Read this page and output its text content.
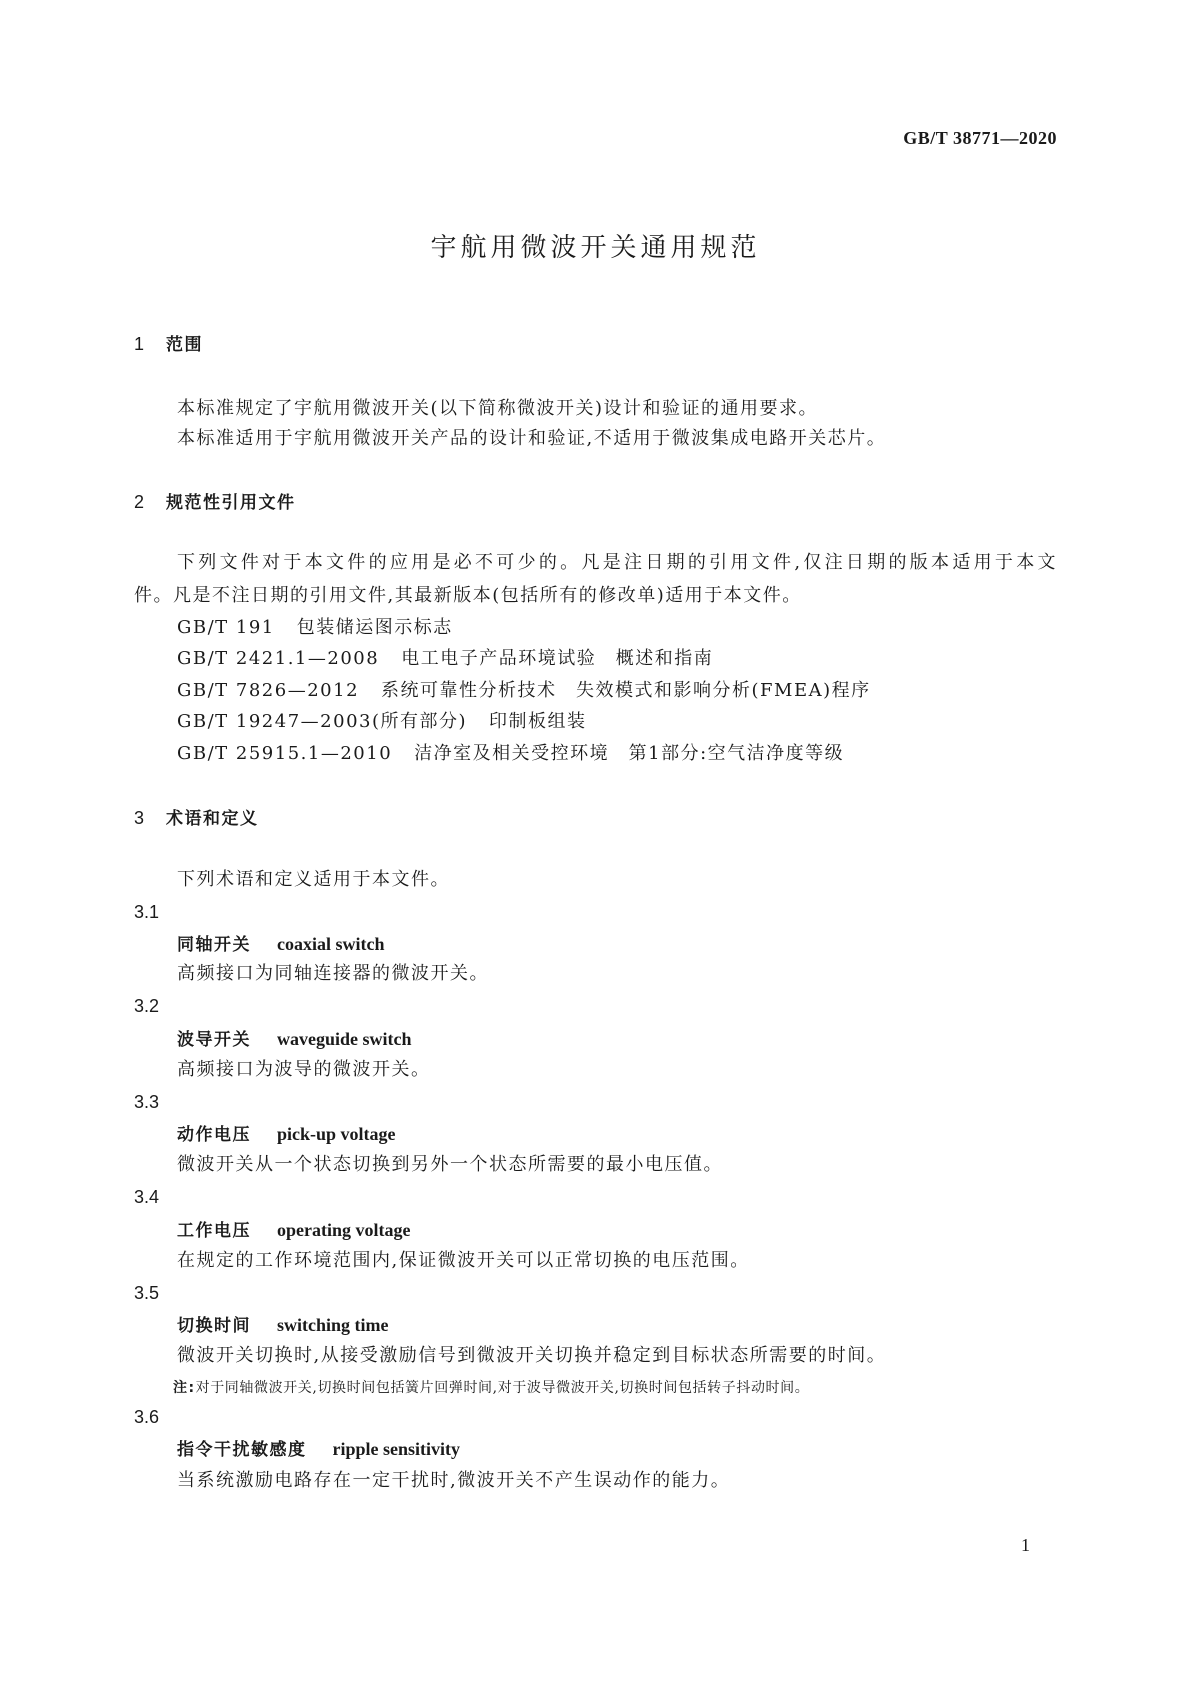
GB/T 38771—2020
宇航用微波开关通用规范
1 范围
本标准规定了宇航用微波开关(以下简称微波开关)设计和验证的通用要求。
本标准适用于宇航用微波开关产品的设计和验证,不适用于微波集成电路开关芯片。
2 规范性引用文件
下列文件对于本文件的应用是必不可少的。凡是注日期的引用文件,仅注日期的版本适用于本文
件。凡是不注日期的引用文件,其最新版本(包括所有的修改单)适用于本文件。
GB/T 191 包装储运图示标志
GB/T 2421.1—2008 电工电子产品环境试验　概述和指南
GB/T 7826—2012 系统可靠性分析技术　失效模式和影响分析(FMEA)程序
GB/T 19247—2003(所有部分) 印制板组装
GB/T 25915.1—2010 洁净室及相关受控环境　第1部分:空气洁净度等级
3 术语和定义
下列术语和定义适用于本文件。
3.1
同轴开关 coaxial switch
高频接口为同轴连接器的微波开关。
3.2
波导开关 waveguide switch
高频接口为波导的微波开关。
3.3
动作电压 pick-up voltage
微波开关从一个状态切换到另外一个状态所需要的最小电压值。
3.4
工作电压 operating voltage
在规定的工作环境范围内,保证微波开关可以正常切换的电压范围。
3.5
切换时间 switching time
微波开关切换时,从接受激励信号到微波开关切换并稳定到目标状态所需要的时间。
注:对于同轴微波开关,切换时间包括簧片回弹时间,对于波导微波开关,切换时间包括转子抖动时间。
3.6
指令干扰敏感度 ripple sensitivity
当系统激励电路存在一定干扰时,微波开关不产生误动作的能力。
1
